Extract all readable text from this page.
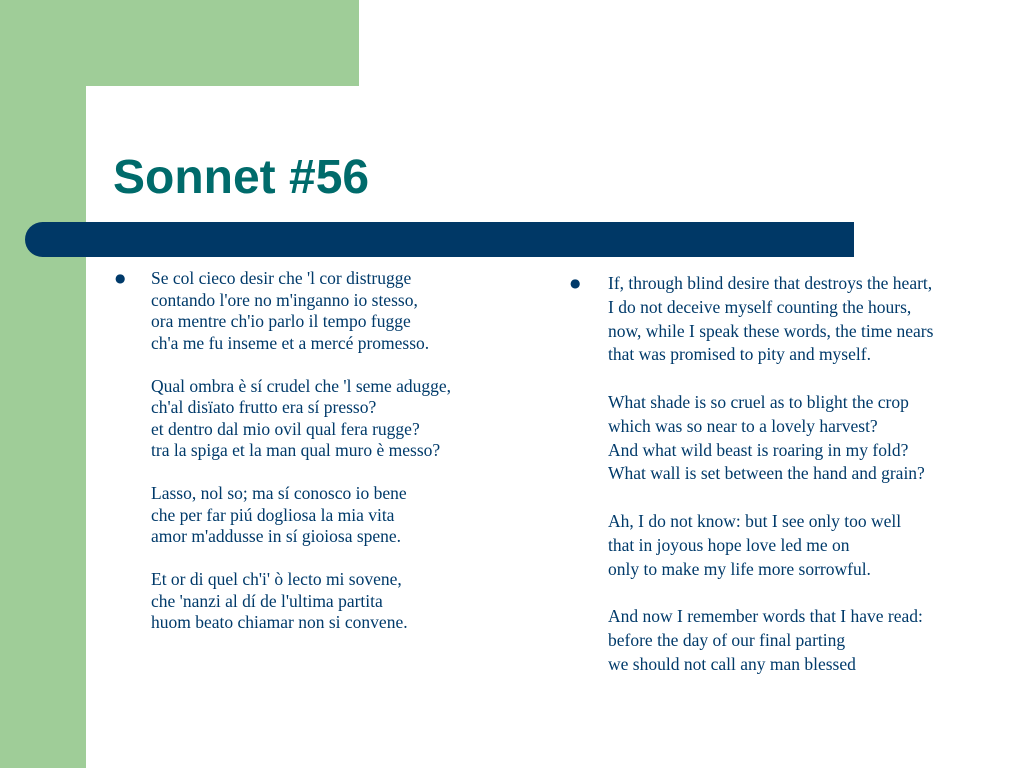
Sonnet #56
● Se col cieco desir che 'l cor distrugge
contando l'ore no m'inganno io stesso,
ora mentre ch'io parlo il tempo fugge
ch'a me fu inseme et a mercé promesso.

Qual ombra è sí crudel che 'l seme adugge,
ch'al disïato frutto era sí presso?
et dentro dal mio ovil qual fera rugge?
tra la spiga et la man qual muro è messo?

Lasso, nol so; ma sí conosco io bene
che per far piú dogliosa la mia vita
amor m'addusse in sí gioiosa spene.

Et or di quel ch'i' ò lecto mi sovene,
che 'nanzi al dí de l'ultima partita
huom beato chiamar non si convene.

● If, through blind desire that destroys the heart,
I do not deceive myself counting the hours,
now, while I speak these words, the time nears
that was promised to pity and myself.

What shade is so cruel as to blight the crop
which was so near to a lovely harvest?
And what wild beast is roaring in my fold?
What wall is set between the hand and grain?

Ah, I do not know: but I see only too well
that in joyous hope love led me on
only to make my life more sorrowful.

And now I remember words that I have read:
before the day of our final parting
we should not call any man blessed
